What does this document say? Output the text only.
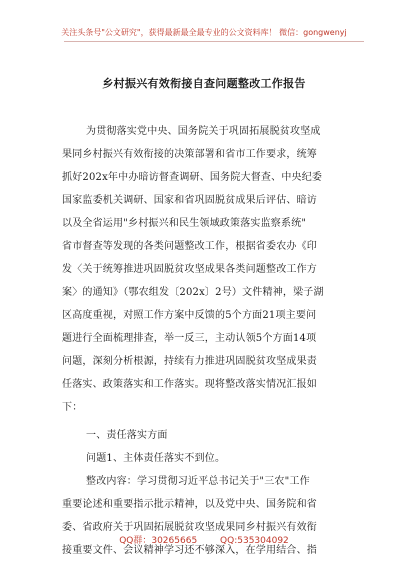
关注头条号"公文研究"，获得最新最全最专业的公文资料库！ 微信：gongwenyj
乡村振兴有效衔接自查问题整改工作报告
为贯彻落实党中央、国务院关于巩固拓展脱贫攻坚成
果同乡村振兴有效衔接的决策部署和省市工作要求，统筹
抓好202x年中办暗访督查调研、国务院大督查、中央纪委
国家监委机关调研、国家和省巩固脱贫成果后评估、暗访
以及全省运用"乡村振兴和民生领域政策落实监察系统"
省市督查等发现的各类问题整改工作，根据省委农办《印
发〈关于统筹推进巩固脱贫攻坚成果各类问题整改工作方
案〉的通知》（鄂农组发〔202x〕2号）文件精神，梁子湖
区高度重视，对照工作方案中反馈的5个方面21项主要问
题进行全面梳理排查，举一反三，主动认领5个方面14项
问题，深刻分析根源，持续有力推进巩固脱贫攻坚成果责
任落实、政策落实和工作落实。现将整改落实情况汇报如
下：
一、责任落实方面
问题1、主体责任落实不到位。
整改内容：学习贯彻习近平总书记关于"三农"工作
重要论述和重要指示批示精神，以及党中央、国务院和省
委、省政府关于巩固拓展脱贫攻坚成果同乡村振兴有效衔
接重要文件、会议精神学习还不够深入，在学用结合、指
QQ群：30265665	QQ:535304092
